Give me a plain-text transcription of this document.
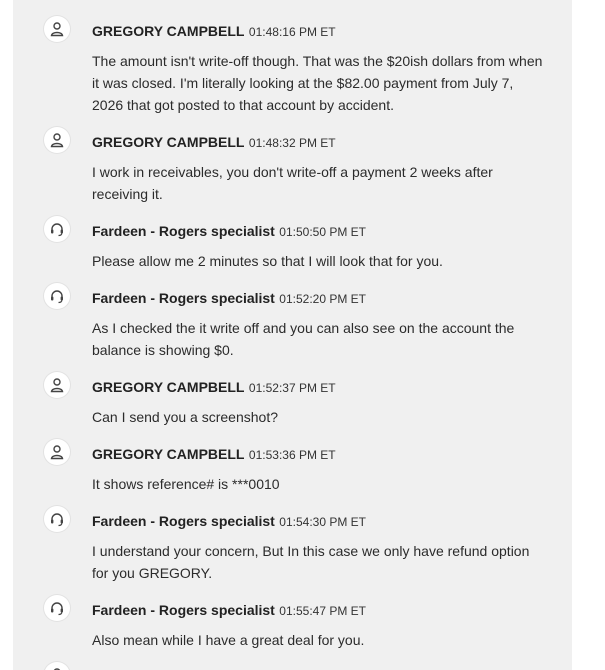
GREGORY CAMPBELL 01:48:16 PM ET
The amount isn't write-off though. That was the $20ish dollars from when it was closed. I'm literally looking at the $82.00 payment from July 7, 2026 that got posted to that account by accident.
GREGORY CAMPBELL 01:48:32 PM ET
I work in receivables, you don't write-off a payment 2 weeks after receiving it.
Fardeen - Rogers specialist 01:50:50 PM ET
Please allow me 2 minutes so that I will look that for you.
Fardeen - Rogers specialist 01:52:20 PM ET
As I checked the it write off and you can also see on the account the balance is showing $0.
GREGORY CAMPBELL 01:52:37 PM ET
Can I send you a screenshot?
GREGORY CAMPBELL 01:53:36 PM ET
It shows reference# is ***0010
Fardeen - Rogers specialist 01:54:30 PM ET
I understand your concern, But In this case we only have refund option for you GREGORY.
Fardeen - Rogers specialist 01:55:47 PM ET
Also mean while I have a great deal for you.
